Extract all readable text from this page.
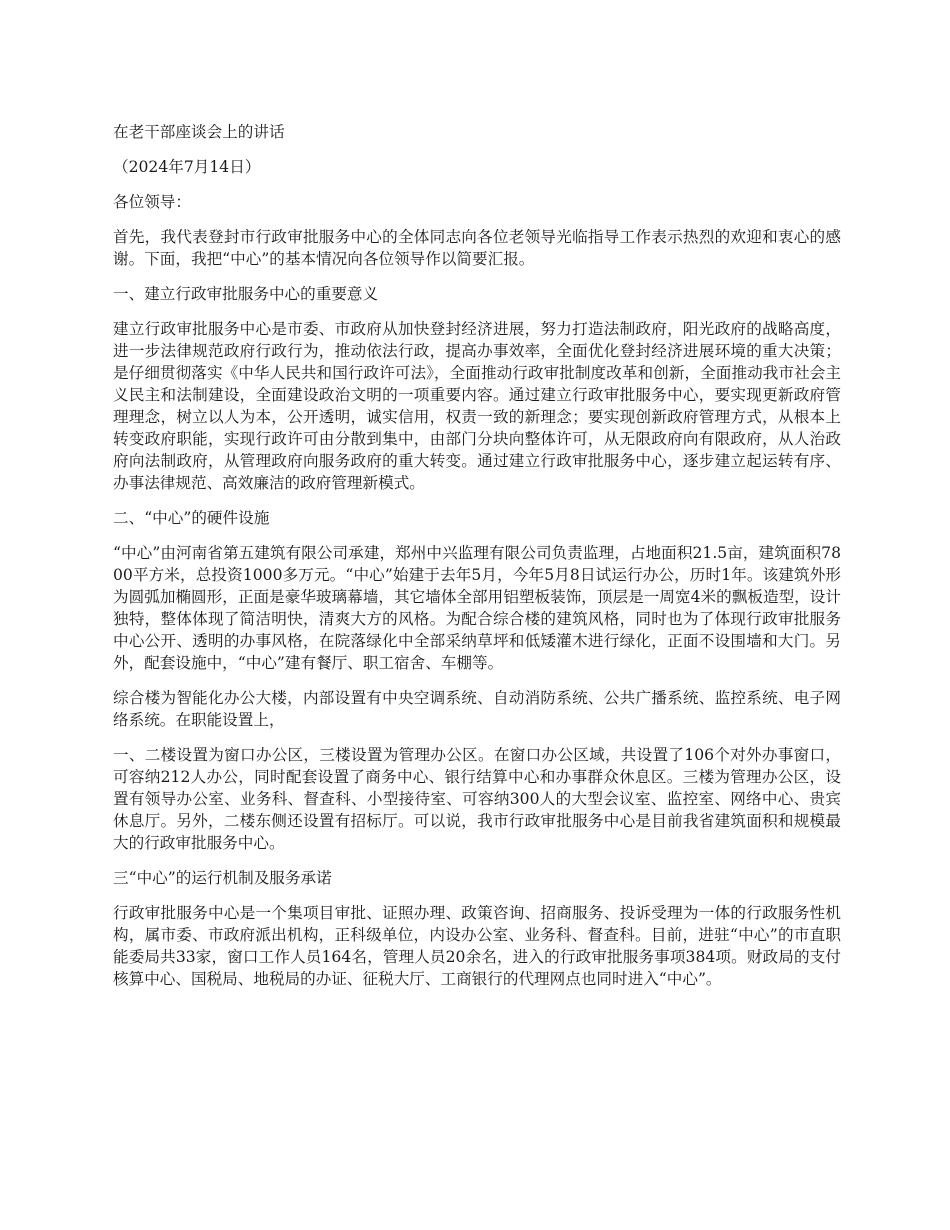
在老干部座谈会上的讲话

（2024年7月14日）

各位领导：

首先，我代表登封市行政审批服务中心的全体同志向各位老领导光临指导工作表示热烈的欢迎和衷心的感谢。下面，我把“中心”的基本情况向各位领导作以简要汇报。

一、建立行政审批服务中心的重要意义

建立行政审批服务中心是市委、市政府从加快登封经济进展，努力打造法制政府，阳光政府的战略高度，进一步法律规范政府行政行为，推动依法行政，提高办事效率，全面优化登封经济进展环境的重大决策；是仔细贯彻落实《中华人民共和国行政许可法》，全面推动行政审批制度改革和创新，全面推动我市社会主义民主和法制建设，全面建设政治文明的一项重要内容。通过建立行政审批服务中心，要实现更新政府管理理念，树立以人为本，公开透明，诚实信用，权责一致的新理念；要实现创新政府管理方式，从根本上转变政府职能，实现行政许可由分散到集中，由部门分块向整体许可，从无限政府向有限政府，从人治政府向法制政府，从管理政府向服务政府的重大转变。通过建立行政审批服务中心，逐步建立起运转有序、办事法律规范、高效廉洁的政府管理新模式。

二、“中心”的硬件设施

“中心”由河南省第五建筑有限公司承建，郑州中兴监理有限公司负责监理，占地面积21.5亩，建筑面积7800平方米，总投资1000多万元。“中心”始建于去年5月，今年5月8日试运行办公，历时1年。该建筑外形为圆弧加椭圆形，正面是豪华玻璃幕墙，其它墙体全部用铝塑板装饰，顶层是一周宽4米的飘板造型，设计独特，整体体现了简洁明快，清爽大方的风格。为配合综合楼的建筑风格，同时也为了体现行政审批服务中心公开、透明的办事风格，在院落绿化中全部采纳草坪和低矮灌木进行绿化，正面不设围墙和大门。另外，配套设施中，“中心”建有餐厅、职工宿舍、车棚等。

综合楼为智能化办公大楼，内部设置有中央空调系统、自动消防系统、公共广播系统、监控系统、电子网络系统。在职能设置上，

一、二楼设置为窗口办公区，三楼设置为管理办公区。在窗口办公区域，共设置了106个对外办事窗口，可容纳212人办公，同时配套设置了商务中心、银行结算中心和办事群众休息区。三楼为管理办公区，设置有领导办公室、业务科、督查科、小型接待室、可容纳300人的大型会议室、监控室、网络中心、贵宾休息厅。另外，二楼东侧还设置有招标厅。可以说，我市行政审批服务中心是目前我省建筑面积和规模最大的行政审批服务中心。

三“中心”的运行机制及服务承诺

行政审批服务中心是一个集项目审批、证照办理、政策咨询、招商服务、投诉受理为一体的行政服务性机构，属市委、市政府派出机构，正科级单位，内设办公室、业务科、督查科。目前，进驻“中心”的市直职能委局共33家，窗口工作人员164名，管理人员20余名，进入的行政审批服务事项384项。财政局的支付核算中心、国税局、地税局的办证、征税大厅、工商银行的代理网点也同时进入“中心”。
